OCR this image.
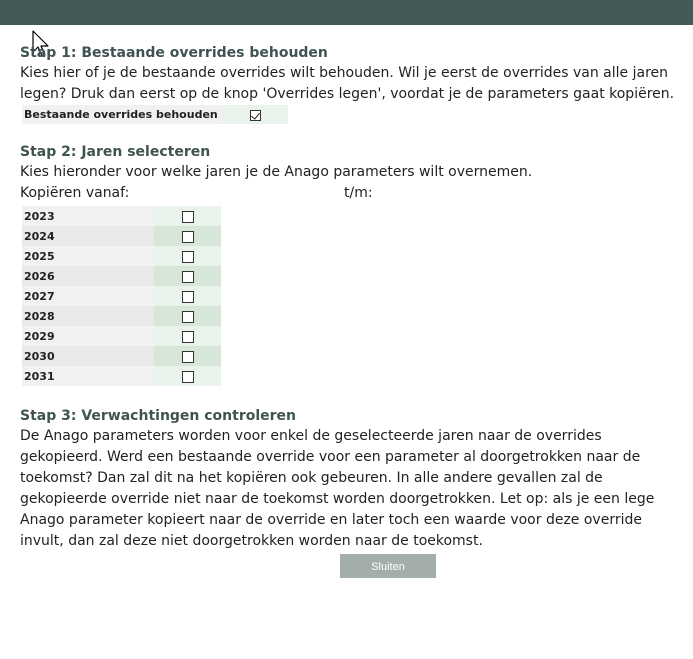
Stap 1: Bestaande overrides behouden

Kies hier of je de bestaande overrides wilt behouden. Wil je eerst de overrides van alle jaren legen? Druk dan eerst op de knop 'Overrides legen', voordat je de parameters gaat kopiëren.

Bestaande overrides behouden	

Stap 2: Jaren selecteren

Kies hieronder voor welke jaren je de Anago parameters wilt overnemen.

Kopiëren vanaf:	t/m:
2023	
2024	
2025	
2026	
2027	
2028	
2029	
2030	
2031	

Stap 3: Verwachtingen controleren

De Anago parameters worden voor enkel de geselecteerde jaren naar de overrides gekopieerd. Werd een bestaande override voor een parameter al doorgetrokken naar de toekomst? Dan zal dit na het kopiëren ook gebeuren. In alle andere gevallen zal de gekopieerde override niet naar de toekomst worden doorgetrokken. Let op: als je een lege Anago parameter kopieert naar de override en later toch een waarde voor deze override invult, dan zal deze niet doorgetrokken worden naar de toekomst.

Sluiten
